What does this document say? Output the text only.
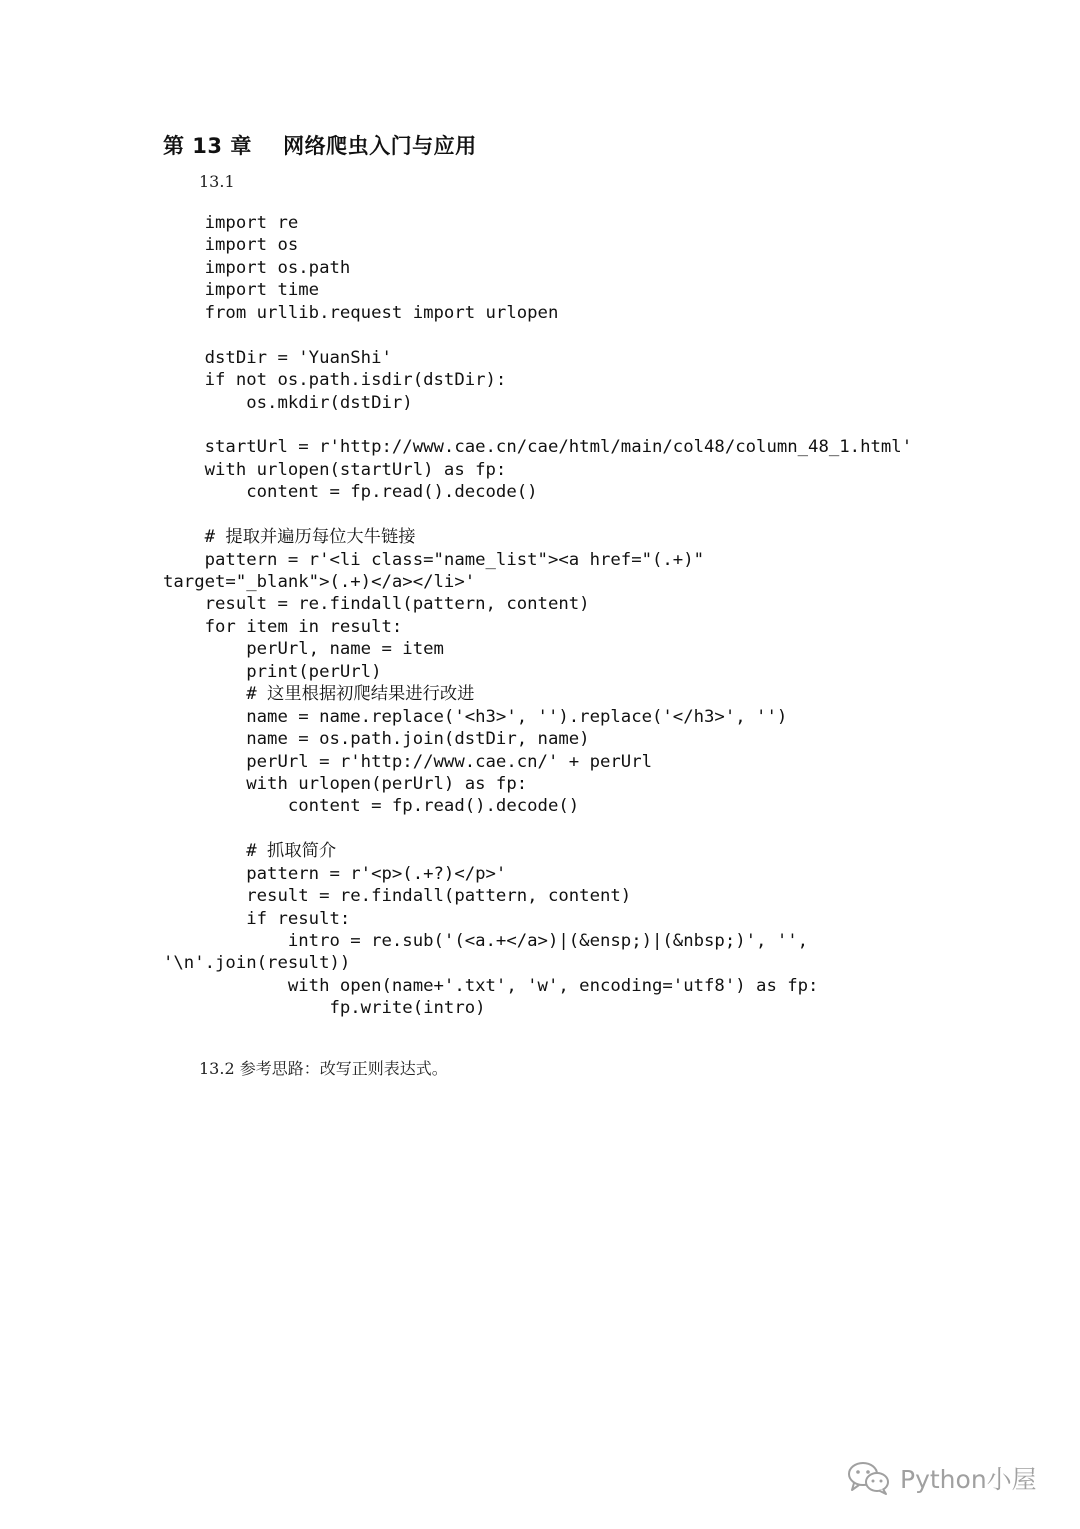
第 13 章    网络爬虫入门与应用
13.1
import re
import os
import os.path
import time
from urllib.request import urlopen
dstDir = 'YuanShi'
if not os.path.isdir(dstDir):
os.mkdir(dstDir)
startUrl = r'http://www.cae.cn/cae/html/main/col48/column_48_1.html'
with urlopen(startUrl) as fp:
content = fp.read().decode()
# 提取并遍历每位大牛链接
pattern = r'<li class="name_list"><a href="(.+)"
target="_blank">(.+)</a></li>'
result = re.findall(pattern, content)
for item in result:
perUrl, name = item
print(perUrl)
# 这里根据初爬结果进行改进
name = name.replace('<h3>', '').replace('</h3>', '')
name = os.path.join(dstDir, name)
perUrl = r'http://www.cae.cn/' + perUrl
with urlopen(perUrl) as fp:
content = fp.read().decode()
# 抓取简介
pattern = r'<p>(.+?)</p>'
result = re.findall(pattern, content)
if result:
intro = re.sub('(<a.+</a>)|(&ensp;)|(&nbsp;)', '',
'\n'.join(result))
with open(name+'.txt', 'w', encoding='utf8') as fp:
fp.write(intro)
13.2 参考思路：改写正则表达式。
Python小屋
